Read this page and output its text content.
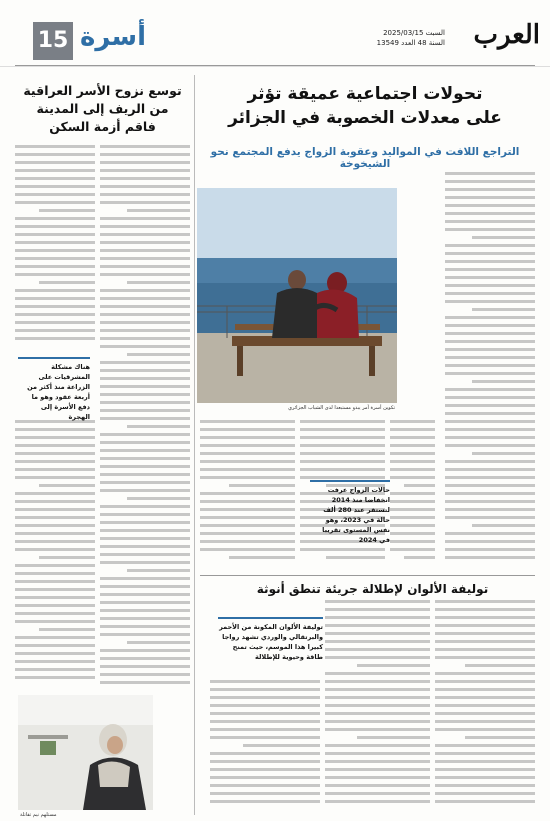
العرب
السبت 2025/03/15
السنة 48 العدد 13549
15 أسرة
تحولات اجتماعية عميقة تؤثر
على معدلات الخصوبة في الجزائر
التراجع اللافت في المواليد وعقوبة الزواج يدفع المجتمع نحو الشيخوخة
توسع نزوح الأسر العراقية
من الريف إلى المدينة
فاقم أزمة السكن
تكوين أسرة أمر يبدو مستبعدا لدى الشباب الجزائري
حالات الزواج عرفت انخفاضا منذ 2014 لتستقر عند 280 ألف حالة في 2023، وهو نفس المستوى تقريبا في 2024
هناك مشكلة المشرقيات على الزراعة منذ أكثر من أربعة عقود وهو ما دفع الأسرة إلى الهجرة
توليفة الألوان لإطلالة جريئة تنطق أنوثة
توليفة الألوان المكونة من الأحمر والبرتقالي والوردي تشهد رواجا كبيرا هذا الموسم، حيث تمنح طاقة وحيوية للإطلالة
مستلهم نيم تقاتلة
